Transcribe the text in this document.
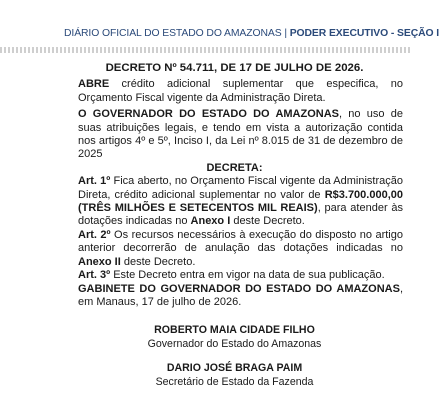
DIÁRIO OFICIAL DO ESTADO DO AMAZONAS | PODER EXECUTIVO - SEÇÃO I

DECRETO Nº 54.711, DE 17 DE JULHO DE 2026.

ABRE crédito adicional suplementar que especifica, no Orçamento Fiscal vigente da Administração Direta.

O GOVERNADOR DO ESTADO DO AMAZONAS, no uso de suas atribuições legais, e tendo em vista a autorização contida nos artigos 4º e 5º, Inciso I, da Lei nº 8.015 de 31 de dezembro de 2025

DECRETA:

Art. 1º Fica aberto, no Orçamento Fiscal vigente da Administração Direta, crédito adicional suplementar no valor de R$3.700.000,00 (TRÊS MILHÕES E SETECENTOS MIL REAIS), para atender às dotações indicadas no Anexo I deste Decreto.

Art. 2º Os recursos necessários à execução do disposto no artigo anterior decorrerão de anulação das dotações indicadas no Anexo II deste Decreto.

Art. 3º Este Decreto entra em vigor na data de sua publicação.

GABINETE DO GOVERNADOR DO ESTADO DO AMAZONAS, em Manaus, 17 de julho de 2026.

ROBERTO MAIA CIDADE FILHO
Governador do Estado do Amazonas
DARIO JOSÉ BRAGA PAIM
Secretário de Estado da Fazenda
